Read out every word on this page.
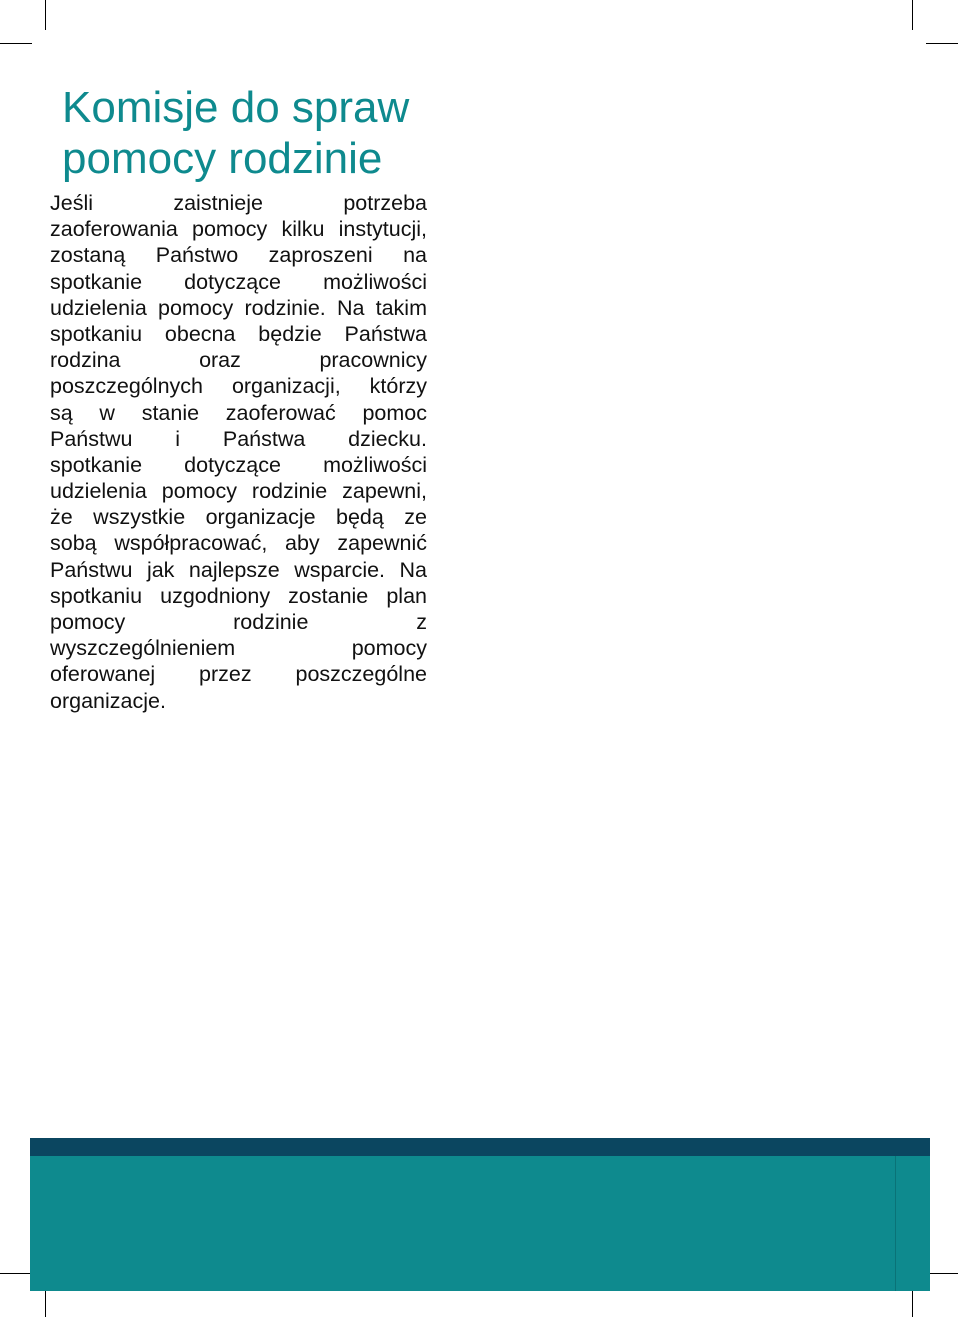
Komisje do spraw
pomocy rodzinie
Jeśli zaistnieje potrzeba
zaoferowania pomocy kilku instytucji,
zostaną Państwo zaproszeni na
spotkanie dotyczące możliwości
udzielenia pomocy rodzinie. Na takim
spotkaniu obecna będzie Państwa
rodzina oraz pracownicy
poszczególnych organizacji, którzy
są w stanie zaoferować pomoc
Państwu i Państwa dziecku.
spotkanie dotyczące możliwości
udzielenia pomocy rodzinie zapewni,
że wszystkie organizacje będą ze
sobą współpracować, aby zapewnić
Państwu jak najlepsze wsparcie. Na
spotkaniu uzgodniony zostanie plan
pomocy rodzinie z
wyszczególnieniem pomocy
oferowanej przez poszczególne
organizacje.
